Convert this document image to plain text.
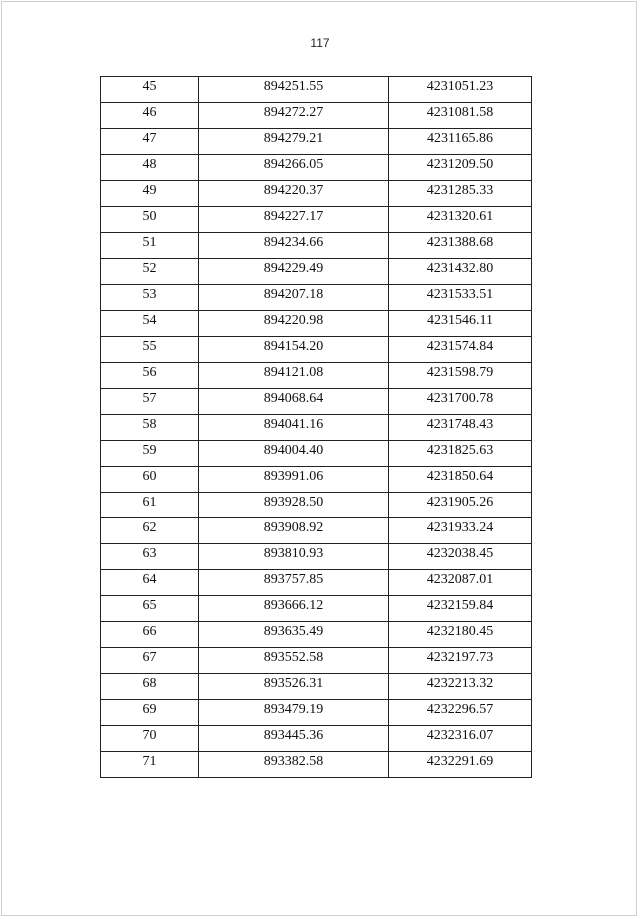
117
45	894251.55	4231051.23
46	894272.27	4231081.58
47	894279.21	4231165.86
48	894266.05	4231209.50
49	894220.37	4231285.33
50	894227.17	4231320.61
51	894234.66	4231388.68
52	894229.49	4231432.80
53	894207.18	4231533.51
54	894220.98	4231546.11
55	894154.20	4231574.84
56	894121.08	4231598.79
57	894068.64	4231700.78
58	894041.16	4231748.43
59	894004.40	4231825.63
60	893991.06	4231850.64
61	893928.50	4231905.26
62	893908.92	4231933.24
63	893810.93	4232038.45
64	893757.85	4232087.01
65	893666.12	4232159.84
66	893635.49	4232180.45
67	893552.58	4232197.73
68	893526.31	4232213.32
69	893479.19	4232296.57
70	893445.36	4232316.07
71	893382.58	4232291.69
